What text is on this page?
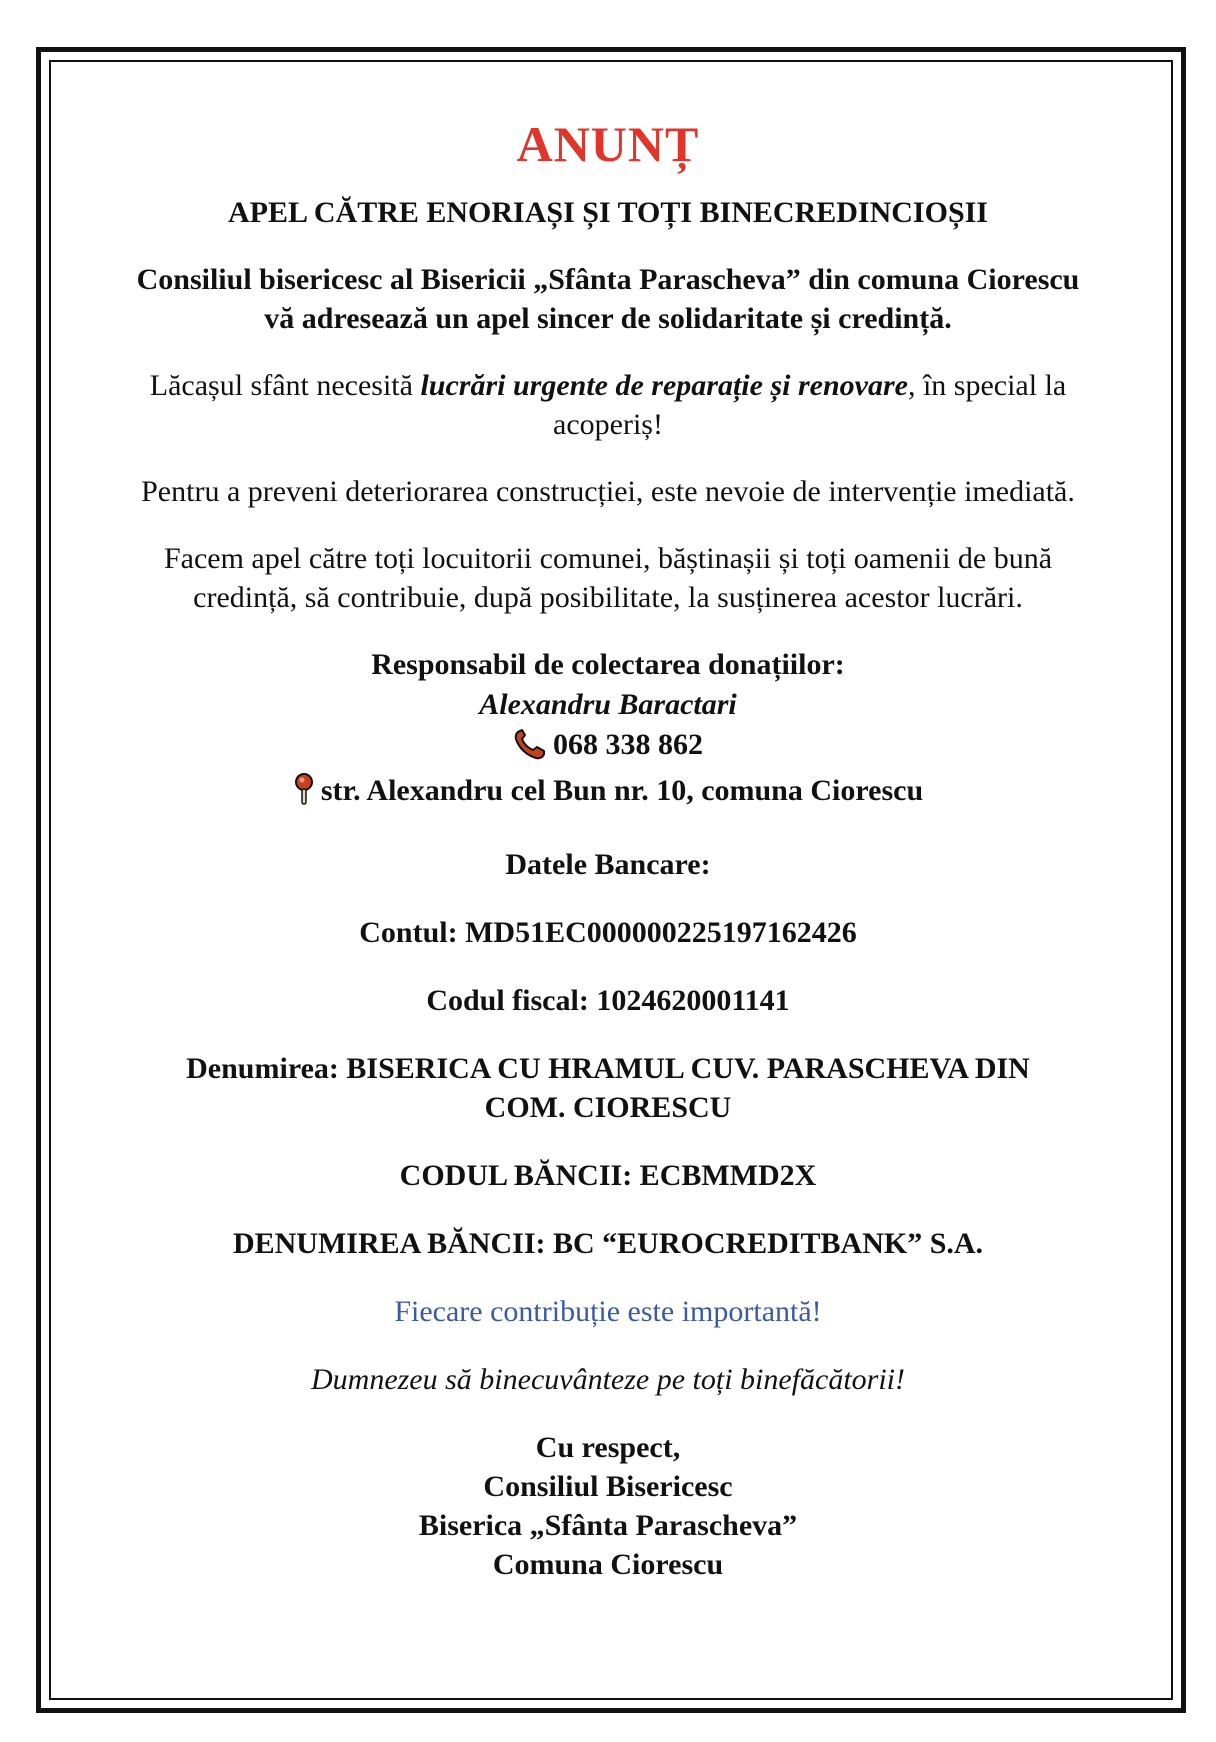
ANUNȚ
APEL CĂTRE ENORIAȘI ȘI TOȚI BINECREDINCIOȘII
Consiliul bisericesc al Bisericii „Sfânta Parascheva” din comuna Ciorescu
vă adresează un apel sincer de solidaritate și credință.
Lăcașul sfânt necesită lucrări urgente de reparație și renovare, în special la acoperiș!
Pentru a preveni deteriorarea construcției, este nevoie de intervenție imediată.
Facem apel către toți locuitorii comunei, băștinașii și toți oamenii de bună credință, să contribuie, după posibilitate, la susținerea acestor lucrări.
Responsabil de colectarea donațiilor:
Alexandru Baractari
068 338 862
str. Alexandru cel Bun nr. 10, comuna Ciorescu
Datele Bancare:
Contul: MD51EC000000225197162426
Codul fiscal: 1024620001141
Denumirea: BISERICA CU HRAMUL CUV. PARASCHEVA DIN
COM. CIORESCU
CODUL BĂNCII: ECBMMD2X
DENUMIREA BĂNCII: BC “EUROCREDITBANK” S.A.
Fiecare contribuție este importantă!
Dumnezeu să binecuvânteze pe toți binefăcătorii!
Cu respect,
Consiliul Bisericesc
Biserica „Sfânta Parascheva”
Comuna Ciorescu
